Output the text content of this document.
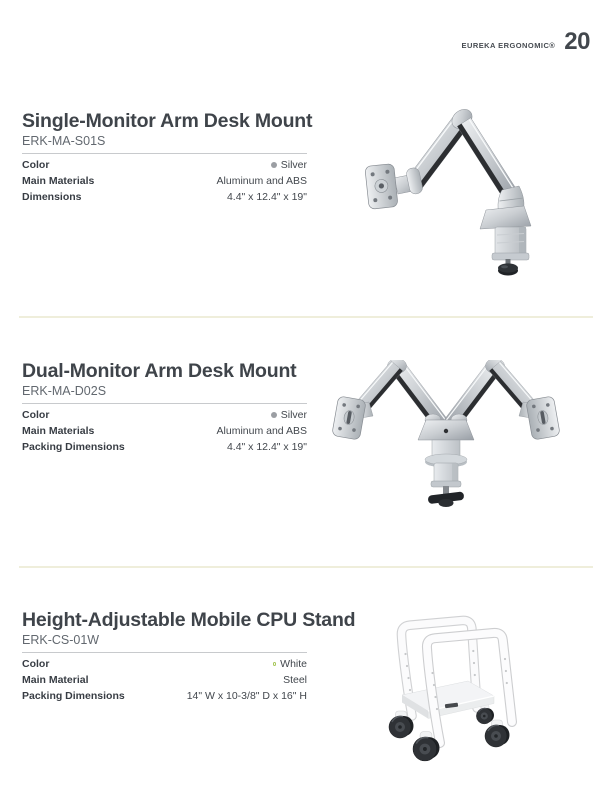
EUREKA ERGONOMIC® 20
Single-Monitor Arm Desk Mount
ERK-MA-S01S
Color	Silver
Main Materials	Aluminum and ABS
Dimensions	4.4" x 12.4" x 19"
Dual-Monitor Arm Desk Mount
ERK-MA-D02S
Color	Silver
Main Materials	Aluminum and ABS
Packing Dimensions	4.4" x 12.4" x 19"
Height-Adjustable Mobile CPU Stand
ERK-CS-01W
Color	White
Main Material	Steel
Packing Dimensions	14" W x 10-3/8" D x 16" H
